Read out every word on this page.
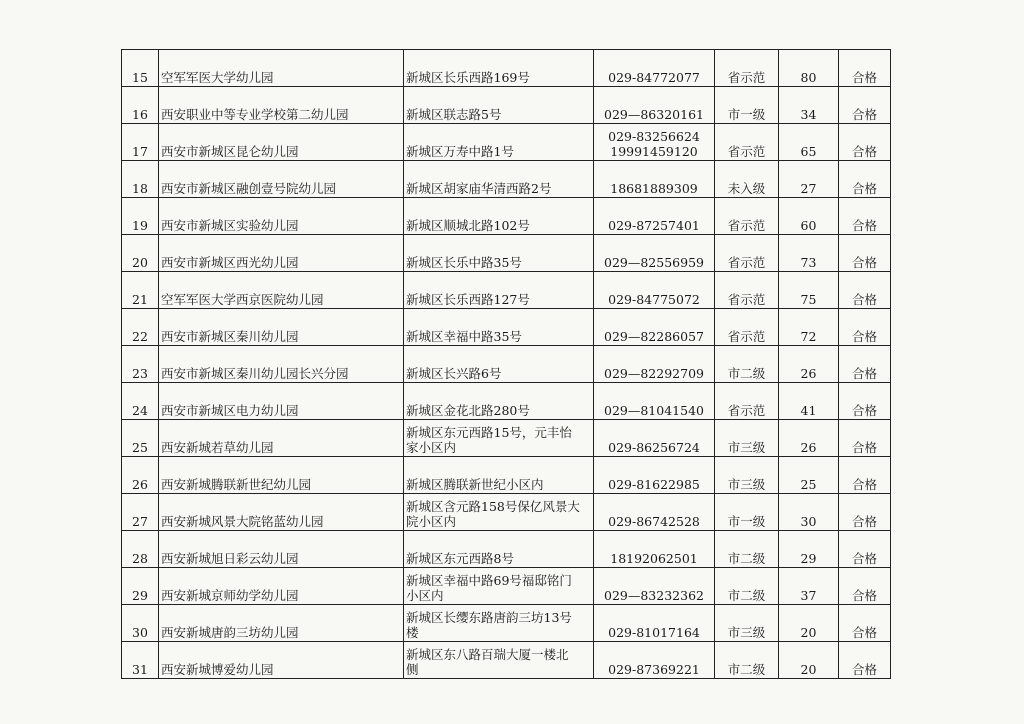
15	空军军医大学幼儿园	新城区长乐西路169号	029-84772077	省示范	80	合格
16	西安职业中等专业学校第二幼儿园	新城区联志路5号	029—86320161	市一级	34	合格
17	西安市新城区昆仑幼儿园	新城区万寿中路1号	029-83256624
19991459120	省示范	65	合格
18	西安市新城区融创壹号院幼儿园	新城区胡家庙华清西路2号	18681889309	未入级	27	合格
19	西安市新城区实验幼儿园	新城区顺城北路102号	029-87257401	省示范	60	合格
20	西安市新城区西光幼儿园	新城区长乐中路35号	029—82556959	省示范	73	合格
21	空军军医大学西京医院幼儿园	新城区长乐西路127号	029-84775072	省示范	75	合格
22	西安市新城区秦川幼儿园	新城区幸福中路35号	029—82286057	省示范	72	合格
23	西安市新城区秦川幼儿园长兴分园	新城区长兴路6号	029—82292709	市二级	26	合格
24	西安市新城区电力幼儿园	新城区金花北路280号	029—81041540	省示范	41	合格
25	西安新城若草幼儿园	新城区东元西路15号，元丰怡
家小区内	029-86256724	市三级	26	合格
26	西安新城腾联新世纪幼儿园	新城区腾联新世纪小区内	029-81622985	市三级	25	合格
27	西安新城风景大院铭蓝幼儿园	新城区含元路158号保亿风景大
院小区内	029-86742528	市一级	30	合格
28	西安新城旭日彩云幼儿园	新城区东元西路8号	18192062501	市二级	29	合格
29	西安新城京师幼学幼儿园	新城区幸福中路69号福邸铭门
小区内	029—83232362	市二级	37	合格
30	西安新城唐韵三坊幼儿园	新城区长缨东路唐韵三坊13号
楼	029-81017164	市三级	20	合格
31	西安新城博爱幼儿园	新城区东八路百瑞大厦一楼北
侧	029-87369221	市二级	20	合格
